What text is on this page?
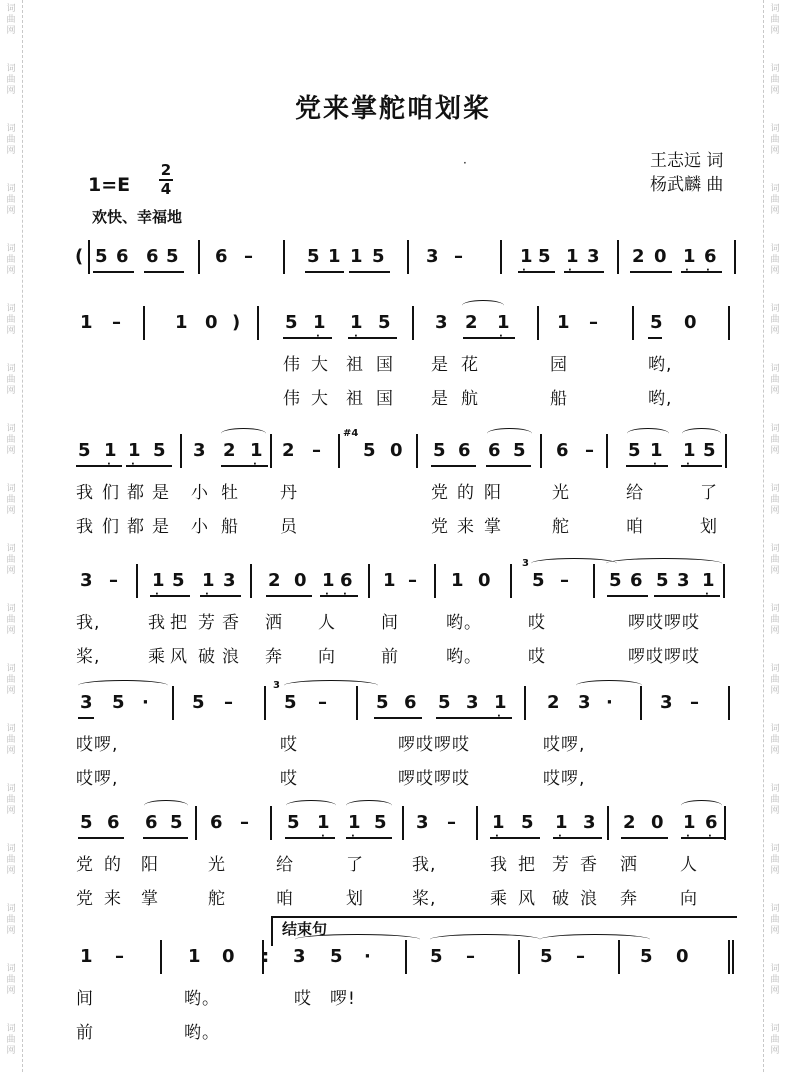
词
曲
网
词
曲
网
词
曲
网
词
曲
网
词
曲
网
词
曲
网
词
曲
网
词
曲
网
词
曲
网
词
曲
网
词
曲
网
词
曲
网
词
曲
网
词
曲
网
词
曲
网
词
曲
网
词
曲
网
词
曲
网
词
曲
网
词
曲
网
词
曲
网
词
曲
网
词
曲
网
词
曲
网
词
曲
网
词
曲
网
词
曲
网
词
曲
网
词
曲
网
词
曲
网
词
曲
网
词
曲
网
词
曲
网
词
曲
网
词
曲
网
词
曲
网
党来掌舵咱划桨
·	王志远 词
杨武麟 曲
1=E
2
4
欢快、幸福地
( 5 6 6 5 6 –	5 1 1 5 3 –	1 5 1 3 2 0 1 6
·	·	· ·
1 –	1 0 ) 5 1 1 5 3 2 1	1 –	5 0
·
·	·
伟 大 祖 国 是 花	园	哟,
伟 大 祖 国 是 航	船	哟,
5 1 1 5 3 2 1 2 – 5 0 5 6 6 5 6 – 5 1 1 5
· ·	·	·	·
我 们 都 是 小 牡 丹	党 的 阳	光	给	了
我 们 都 是 小 船 员	党 来 掌	舵	咱	划
#4
3 – 1 5 1 3 2 0 1 6 1 – 1 0 5 – 5 6 5 3 1
·	·	· ·	·
我,	我 把 芳 香 洒 人	间	哟。	哎	啰哎啰哎
桨,	乘 风 破 浪 奔 向	前	哟。	哎	啰哎啰哎
3
3 5 · 5 –	5 –	5 6 5 3 1 2 3 ·	3 –
·
哎啰,	哎	啰哎啰哎	哎啰,
哎啰,	哎	啰哎啰哎	哎啰,
3
5 6 6 5 6 – 5 1 1 5 3 – 1 5 1 3 2 0 1 6
·	·	·	·	· ·
党 的 阳	光	给	了	我,	我 把 芳 香 洒 人
党 来 掌	舵	咱	划	桨,	乘 风 破 浪 奔 向
1 –	1 0	3 5 ·	5 –	5 –	5 0
间	哟。	哎 啰!
前	哟。
:
结束句
